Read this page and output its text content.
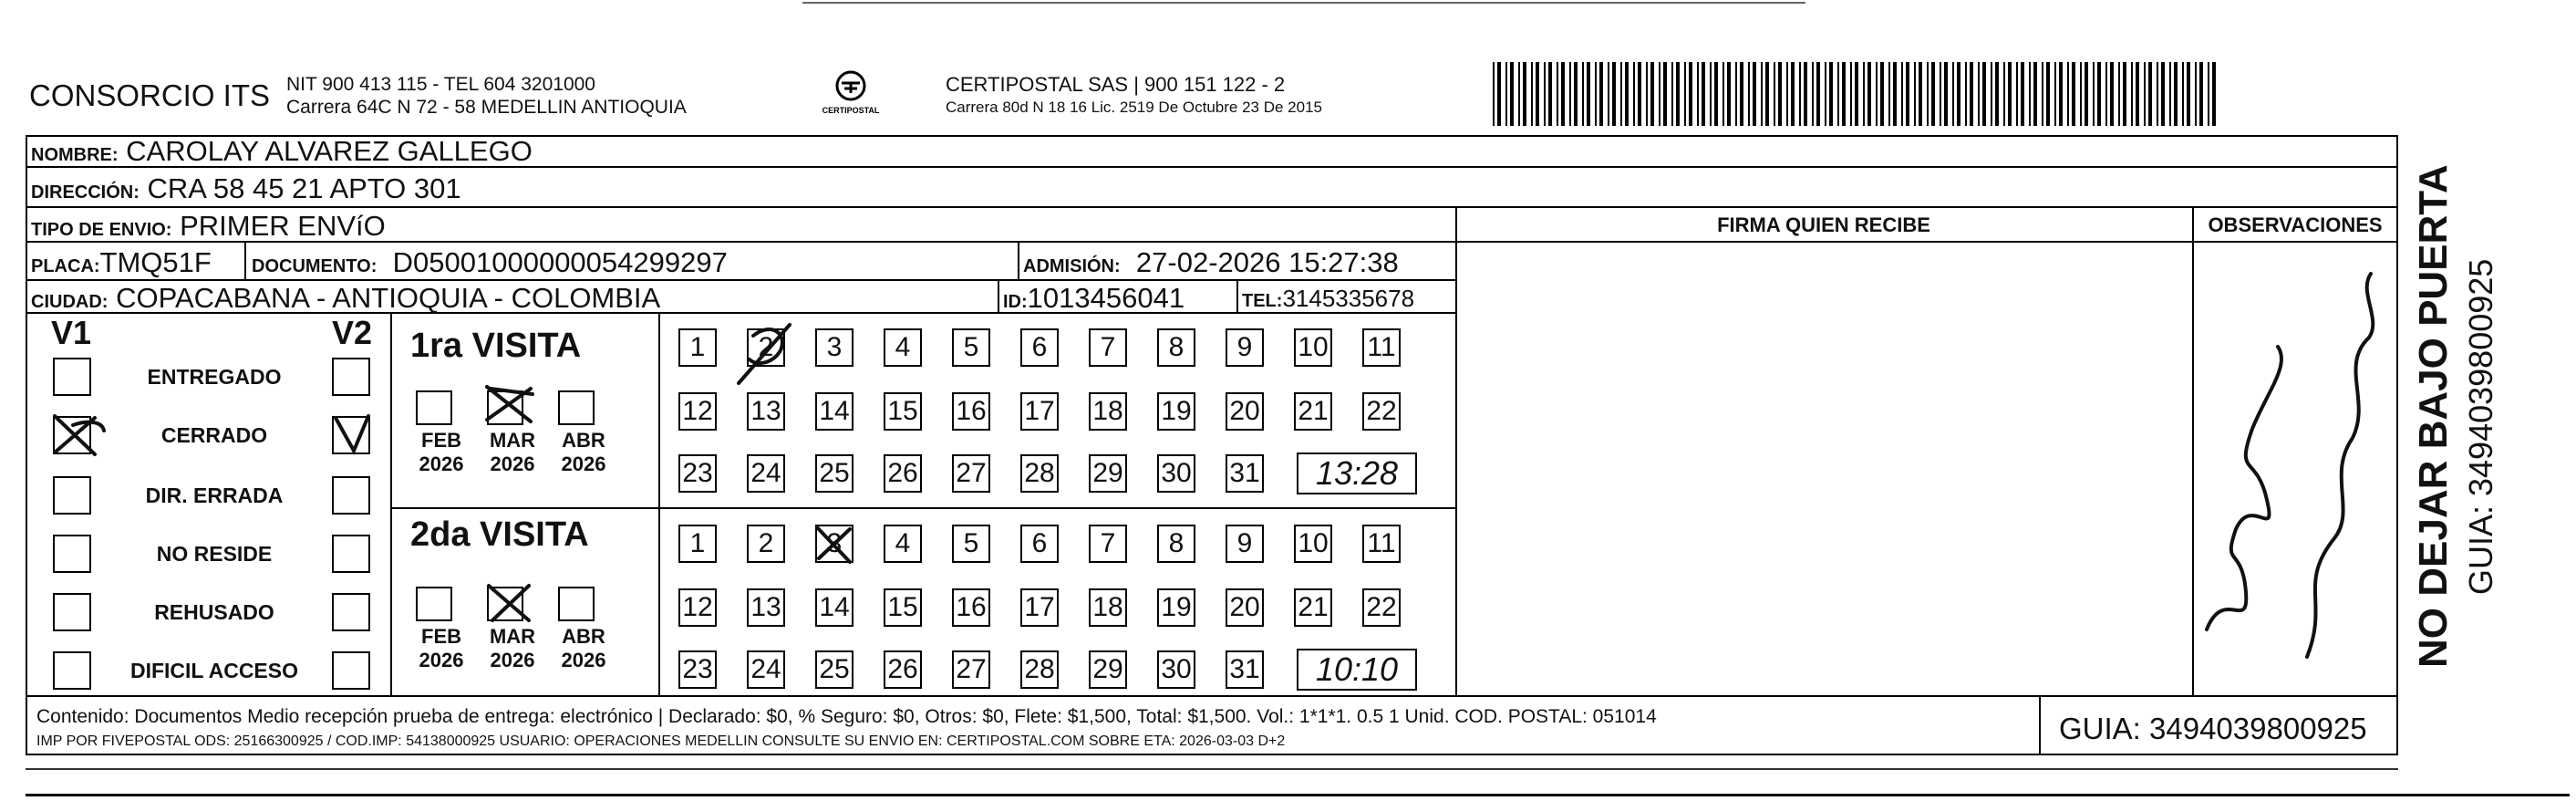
CONSORCIO ITS NIT 900 413 115 - TEL 604 3201000
Carrera 64C N 72 - 58 MEDELLIN ANTIOQUIA	CERTIPOSTAL
CERTIPOSTAL SAS | 900 151 122 - 2
Carrera 80d N 18 16 Lic. 2519 De Octubre 23 De 2015
NOMBRE: CAROLAY ALVAREZ GALLEGO
DIRECCIÓN: CRA 58 45 21 APTO 301
TIPO DE ENVIO: PRIMER ENVíO
PLACA:TMQ51F DOCUMENTO: D05001000000054299297	ADMISIÓN: 27-02-2026 15:27:38
CIUDAD: COPACABANA - ANTIOQUIA - COLOMBIA	ID:1013456041	TEL:3145335678
FIRMA QUIEN RECIBE	OBSERVACIONES
V1	V2
ENTREGADO
CERRADO
DIR. ERRADA
NO RESIDE
REHUSADO
DIFICIL ACCESO
1ra VISITA
2da VISITA
FEB
2026
MAR
2026
ABR
2026
1	2	3	4	5	6	7	8	9	10 11
12 13 14 15 16 17 18 19 20 21 22
23 24 25 26 27 28 29 30 31	13:28
FEB
2026
MAR
2026
ABR
2026
1	2	3	4	5	6	7	8	9	10 11
12 13 14 15 16 17 18 19 20 21 22
23 24 25 26 27 28 29 30 31	10:10
Contenido: Documentos Medio recepción prueba de entrega: electrónico | Declarado: $0, % Seguro: $0, Otros: $0, Flete: $1,500, Total: $1,500. Vol.: 1*1*1. 0.5 1 Unid. COD. POSTAL: 051014
IMP POR FIVEPOSTAL ODS: 25166300925 / COD.IMP: 54138000925 USUARIO: OPERACIONES MEDELLIN CONSULTE SU ENVIO EN: CERTIPOSTAL.COM SOBRE ETA: 2026-03-03 D+2	GUIA: 3494039800925
NO DEJAR BAJO PUERTA GUIA: 3494039800925
